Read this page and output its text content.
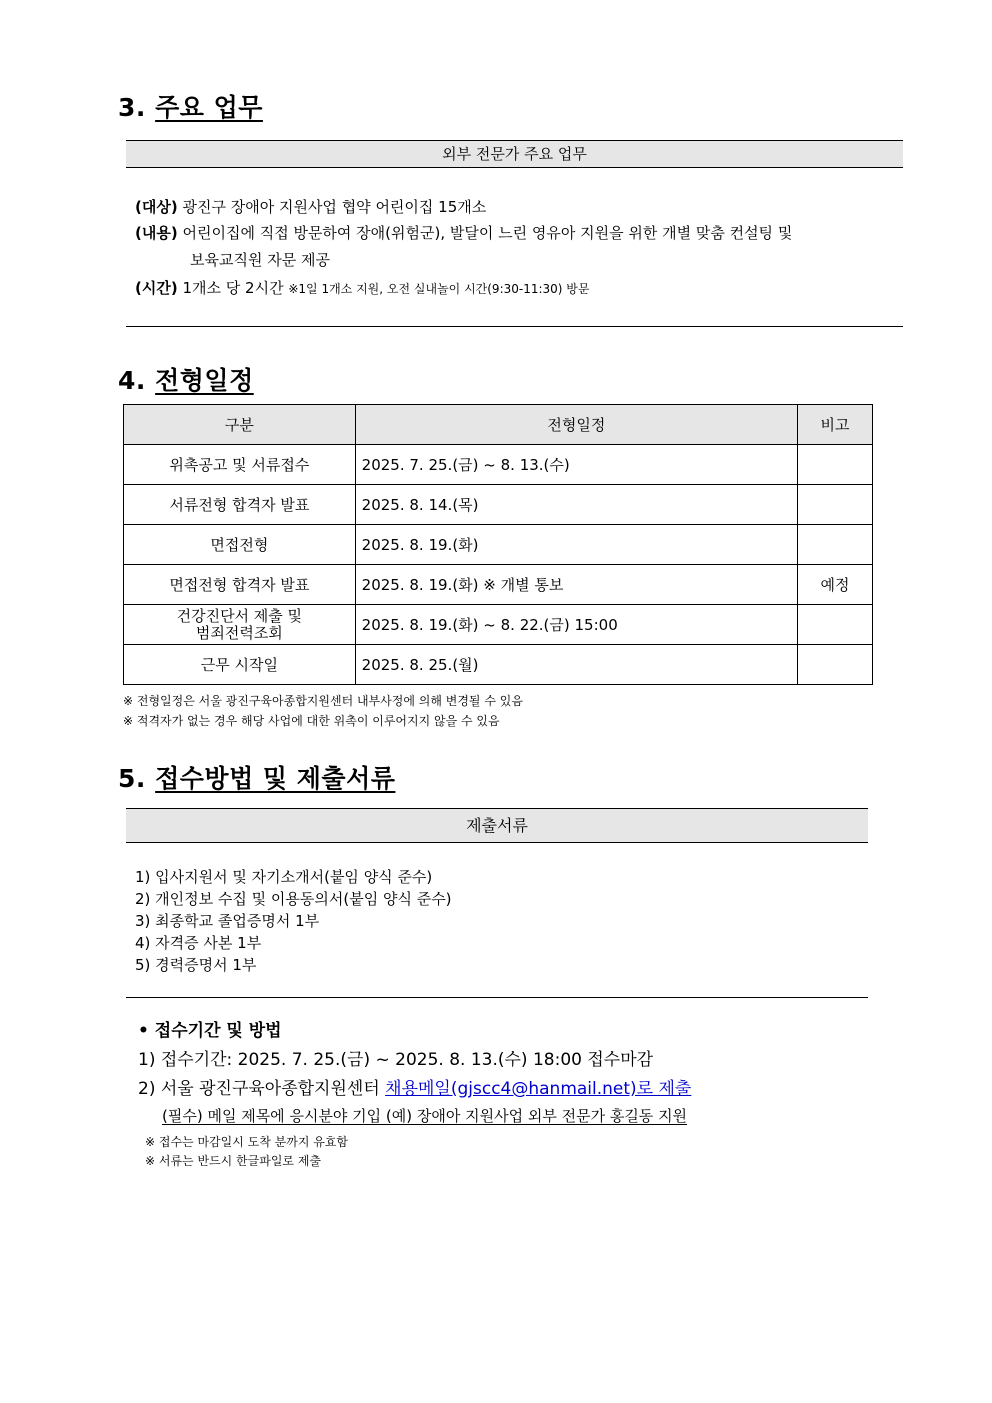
3. 주요 업무
외부 전문가 주요 업무
(대상) 광진구 장애아 지원사업 협약 어린이집 15개소
(내용) 어린이집에 직접 방문하여 장애(위험군), 발달이 느린 영유아 지원을 위한 개별 맞춤 컨설팅 및
보육교직원 자문 제공
(시간) 1개소 당 2시간 ※1일 1개소 지원, 오전 실내놀이 시간(9:30-11:30) 방문
4. 전형일정
구분	전형일정	비고
위촉공고 및 서류접수	2025. 7. 25.(금) ~ 8. 13.(수)	
서류전형 합격자 발표	2025. 8. 14.(목)	
면접전형	2025. 8. 19.(화)	
면접전형 합격자 발표	2025. 8. 19.(화) ※ 개별 통보	예정

건강진단서 제출 및
범죄전력조회	2025. 8. 19.(화) ~ 8. 22.(금) 15:00	
근무 시작일	2025. 8. 25.(월)	
※ 전형일정은 서울 광진구육아종합지원센터 내부사정에 의해 변경될 수 있음
※ 적격자가 없는 경우 해당 사업에 대한 위촉이 이루어지지 않을 수 있음
5. 접수방법 및 제출서류
제출서류
1) 입사지원서 및 자기소개서(붙임 양식 준수)
2) 개인정보 수집 및 이용동의서(붙임 양식 준수)
3) 최종학교 졸업증명서 1부
4) 자격증 사본 1부
5) 경력증명서 1부
• 접수기간 및 방법
1) 접수기간: 2025. 7. 25.(금) ~ 2025. 8. 13.(수) 18:00 접수마감
2) 서울 광진구육아종합지원센터 채용메일(gjscc4@hanmail.net)로 제출
(필수) 메일 제목에 응시분야 기입 (예) 장애아 지원사업 외부 전문가 홍길동 지원
※ 접수는 마감일시 도착 분까지 유효함
※ 서류는 반드시 한글파일로 제출
